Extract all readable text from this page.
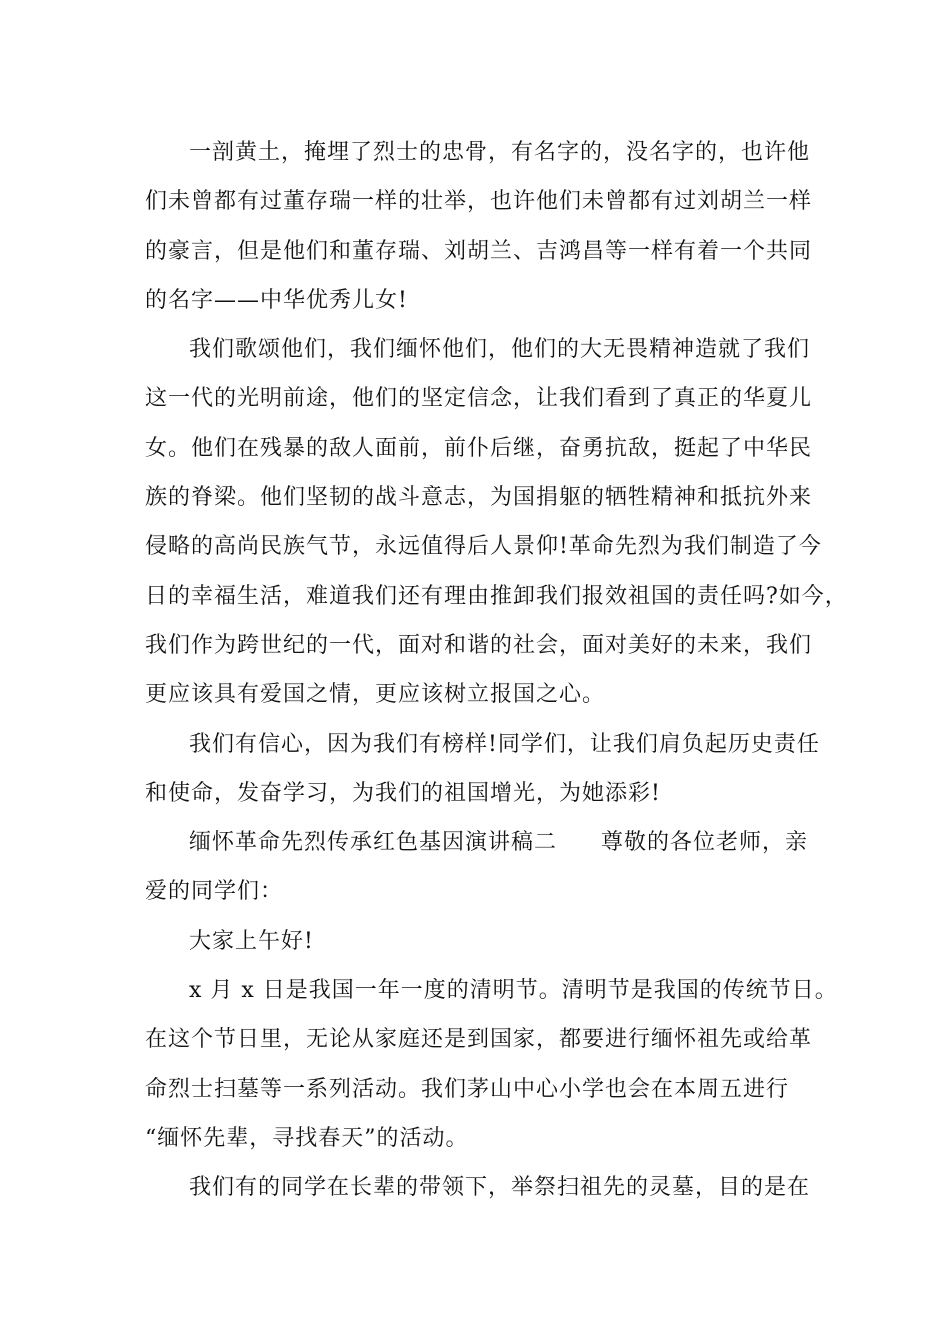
一剖黄土，掩埋了烈士的忠骨，有名字的，没名字的，也许他
们未曾都有过董存瑞一样的壮举，也许他们未曾都有过刘胡兰一样
的豪言，但是他们和董存瑞、刘胡兰、吉鸿昌等一样有着一个共同
的名字——中华优秀儿女!
我们歌颂他们，我们缅怀他们，他们的大无畏精神造就了我们
这一代的光明前途，他们的坚定信念，让我们看到了真正的华夏儿
女。他们在残暴的敌人面前，前仆后继，奋勇抗敌，挺起了中华民
族的脊梁。他们坚韧的战斗意志，为国捐躯的牺牲精神和抵抗外来
侵略的高尚民族气节，永远值得后人景仰!革命先烈为我们制造了今
日的幸福生活，难道我们还有理由推卸我们报效祖国的责任吗?如今，
我们作为跨世纪的一代，面对和谐的社会，面对美好的未来，我们
更应该具有爱国之情，更应该树立报国之心。
我们有信心，因为我们有榜样!同学们，让我们肩负起历史责任
和使命，发奋学习，为我们的祖国增光，为她添彩!
缅怀革命先烈传承红色基因演讲稿二 尊敬的各位老师，亲
爱的同学们：
大家上午好!
x 月 x 日是我国一年一度的清明节。清明节是我国的传统节日。
在这个节日里，无论从家庭还是到国家，都要进行缅怀祖先或给革
命烈士扫墓等一系列活动。我们茅山中心小学也会在本周五进行
“缅怀先辈，寻找春天”的活动。
我们有的同学在长辈的带领下，举祭扫祖先的灵墓，目的是在
